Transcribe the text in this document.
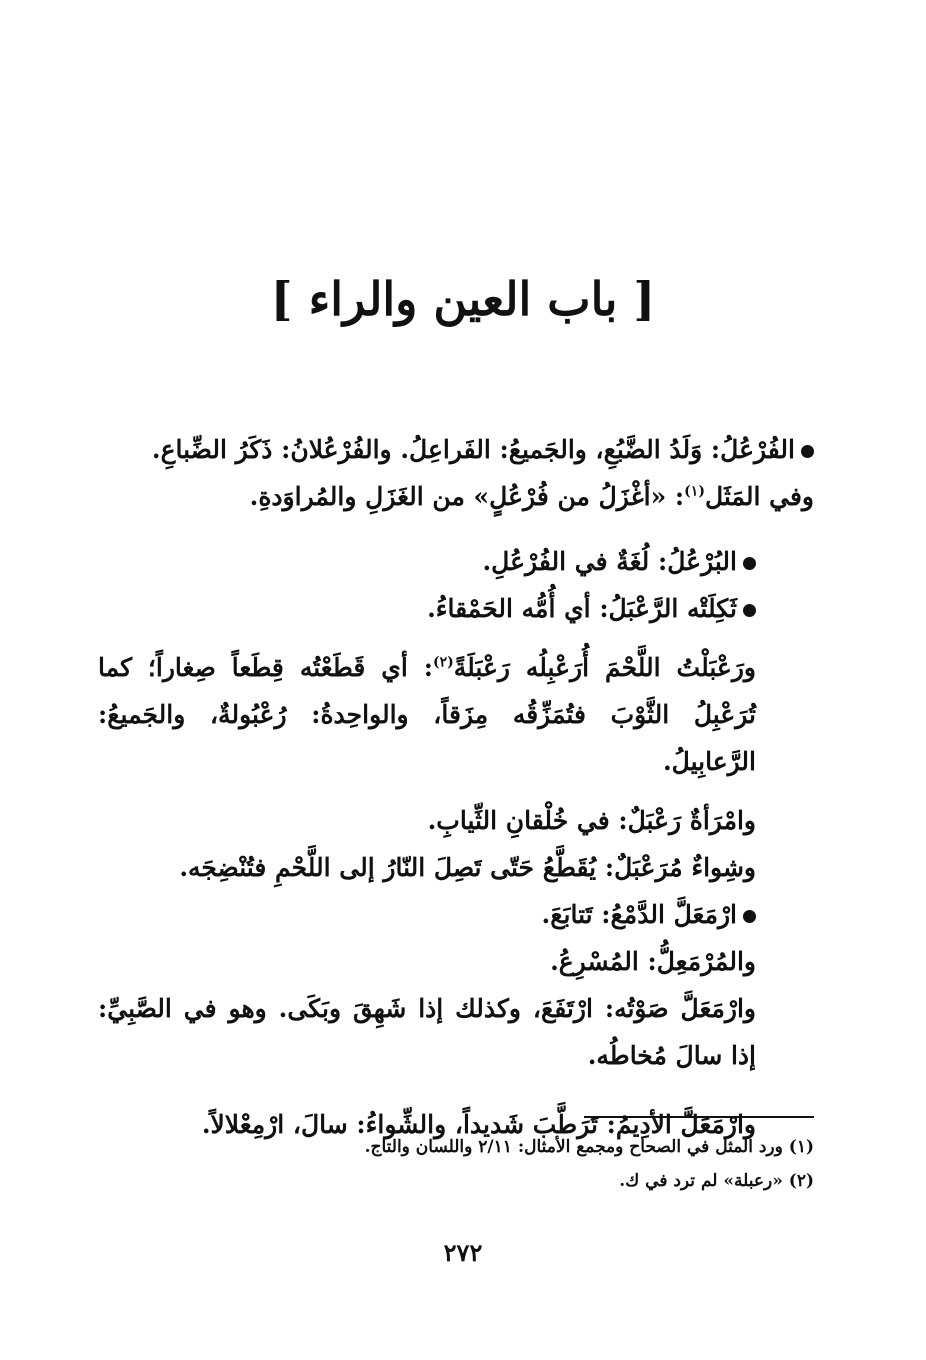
[ باب العين والراء ]

الفُرْعُلُ: وَلَدُ الضَّبُعِ، والجَميعُ: الفَراعِلُ. والفُرْعُلانُ: ذَكَرُ الضِّباعِ.

وفي المَثَل$^{(١)}$: «أغْزَلُ من فُرْعُلٍ» من الغَزَلِ والمُراوَدةِ.

البُرْعُلُ: لُغَةٌ في الفُرْعُلِ.

ثَكِلَتْه الرَّعْبَلُ: أي أُمُّه الحَمْقاءُ.

ورَعْبَلْتُ اللَّحْمَ أُرَعْبِلُه رَعْبَلَةً$^{(٢)}$: أي قَطَعْتُه قِطَعاً صِغاراً؛ كما تُرَعْبِلُ الثَّوْبَ فتُمَزِّقُه مِزَقاً، والواحِدةُ: رُعْبُولةٌ، والجَميعُ: الرَّعابِيلُ.

وامْرَأةٌ رَعْبَلٌ: في خُلْقانِ الثِّيابِ.

وشِواءٌ مُرَعْبَلٌ: يُقَطَّعُ حَتّى تَصِلَ النّارُ إلى اللَّحْمِ فتُنْضِجَه.

ارْمَعَلَّ الدَّمْعُ: تَتابَعَ.

والمُرْمَعِلُّ: المُسْرِعُ.

وارْمَعَلَّ صَوْتُه: ارْتَفَعَ، وكذلك إذا شَهِقَ وبَكَى. وهو في الصَّبِيِّ: إذا سالَ مُخاطُه.

وارْمَعَلَّ الأدِيمُ: تَرَطَّبَ شَديداً، والشِّواءُ: سالَ، ارْمِعْلالاً.

(١) ورد المثل في الصحاح ومجمع الأمثال: ٢/١١ واللسان والتاج.

(٢) «رعبلة» لم ترد في ك.

٢٧٢
